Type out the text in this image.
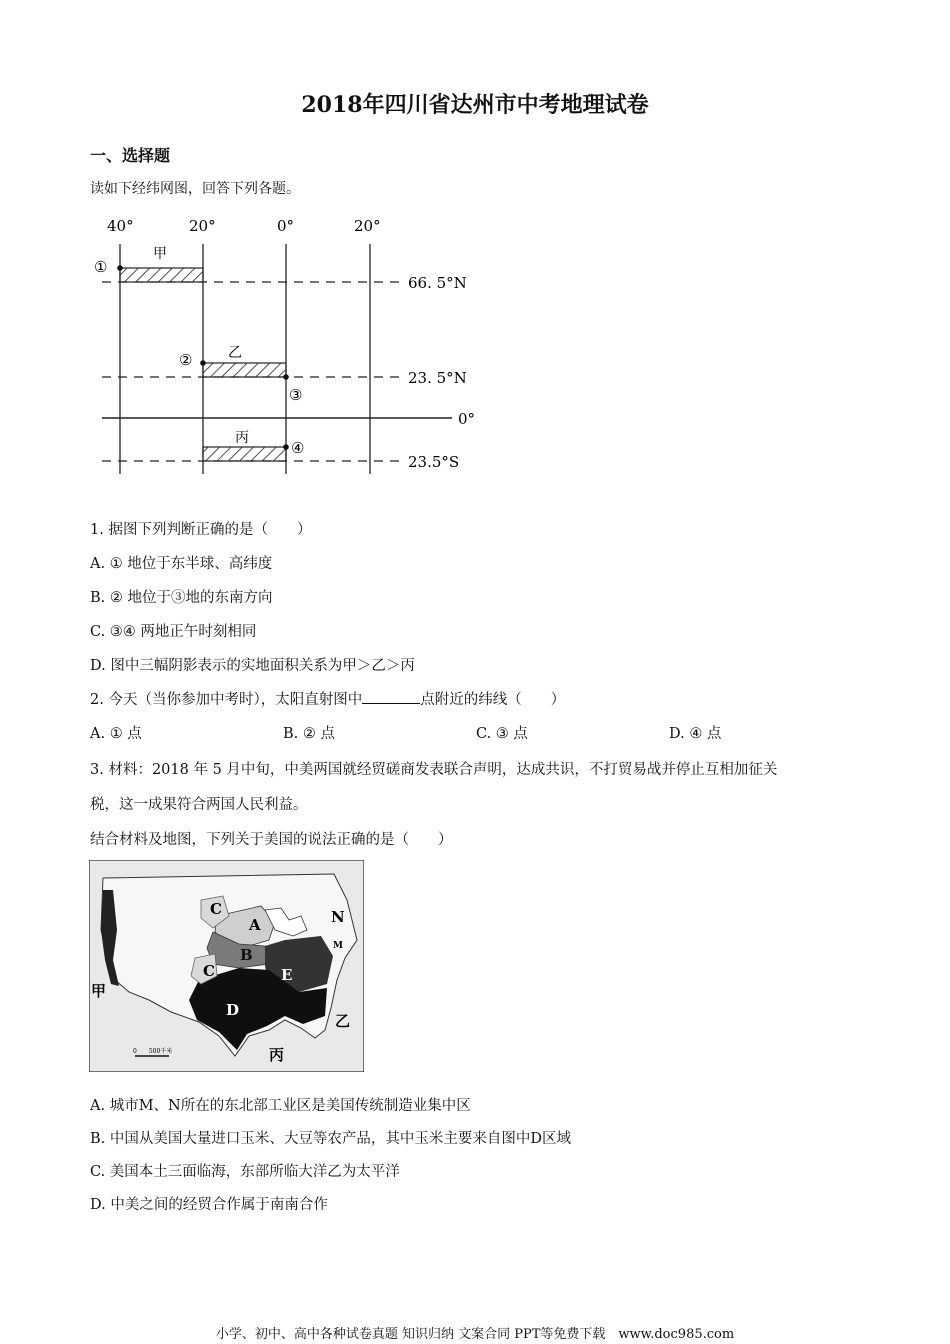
2018年四川省达州市中考地理试卷
一、选择题
读如下经纬网图，回答下列各题。
40°	20°	0°	20°
66. 5°N
23. 5°N
0°
23.5°S
甲
乙
丙
①
②
③
④
1. 据图下列判断正确的是（　　）
A. ① 地位于东半球、高纬度
B. ② 地位于③地的东南方向
C. ③④ 两地正午时刻相同
D. 图中三幅阴影表示的实地面积关系为甲＞乙＞丙
2. 今天（当你参加中考时），太阳直射图中	点附近的纬线（　　）
A. ① 点	B. ② 点	C. ③ 点	D. ④ 点
3. 材料：2018 年 5 月中旬，中美两国就经贸磋商发表联合声明，达成共识，不打贸易战并停止互相加征关
税，这一成果符合两国人民利益。
结合材料及地图，下列关于美国的说法正确的是（　　）
A
B
C
C
D
E
N
M
甲
乙
丙
0　　500千米
A. 城市M、N所在的东北部工业区是美国传统制造业集中区
B. 中国从美国大量进口玉米、大豆等农产品，其中玉米主要来自图中D区域
C. 美国本土三面临海，东部所临大洋乙为太平洋
D. 中美之间的经贸合作属于南南合作
小学、初中、高中各种试卷真题 知识归纳 文案合同 PPT等免费下载　www.doc985.com
